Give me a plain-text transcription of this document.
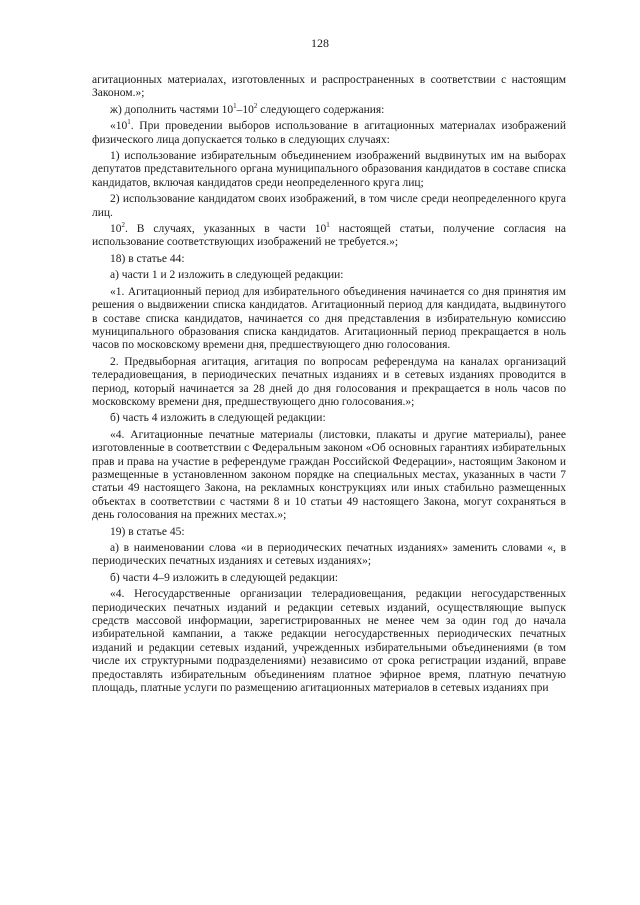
128

агитационных материалах, изготовленных и распространенных в соответствии с настоящим Законом.»;

ж) дополнить частями $10^1-10^2$ следующего содержания:

«$10^1$. При проведении выборов использование в агитационных материалах изображений физического лица допускается только в следующих случаях:

1) использование избирательным объединением изображений выдвинутых им на выборах депутатов представительного органа муниципального образования кандидатов в составе списка кандидатов, включая кандидатов среди неопределенного круга лиц;

2) использование кандидатом своих изображений, в том числе среди неопределенного круга лиц.

$10^2$. В случаях, указанных в части $10^1$ настоящей статьи, получение согласия на использование соответствующих изображений не требуется.»;

18) в статье 44:

а) части 1 и 2 изложить в следующей редакции:

«1. Агитационный период для избирательного объединения начинается со дня принятия им решения о выдвижении списка кандидатов. Агитационный период для кандидата, выдвинутого в составе списка кандидатов, начинается со дня представления в избирательную комиссию муниципального образования списка кандидатов. Агитационный период прекращается в ноль часов по московскому времени дня, предшествующего дню голосования.

2. Предвыборная агитация, агитация по вопросам референдума на каналах организаций телерадиовещания, в периодических печатных изданиях и в сетевых изданиях проводится в период, который начинается за 28 дней до дня голосования и прекращается в ноль часов по московскому времени дня, предшествующего дню голосования.»;

б) часть 4 изложить в следующей редакции:

«4. Агитационные печатные материалы (листовки, плакаты и другие материалы), ранее изготовленные в соответствии с Федеральным законом «Об основных гарантиях избирательных прав и права на участие в референдуме граждан Российской Федерации», настоящим Законом и размещенные в установленном законом порядке на специальных местах, указанных в части 7 статьи 49 настоящего Закона, на рекламных конструкциях или иных стабильно размещенных объектах в соответствии с частями 8 и 10 статьи 49 настоящего Закона, могут сохраняться в день голосования на прежних местах.»;

19) в статье 45:

а) в наименовании слова «и в периодических печатных изданиях» заменить словами «, в периодических печатных изданиях и сетевых изданиях»;

б) части 4–9 изложить в следующей редакции:

«4. Негосударственные организации телерадиовещания, редакции негосударственных периодических печатных изданий и редакции сетевых изданий, осуществляющие выпуск средств массовой информации, зарегистрированных не менее чем за один год до начала избирательной кампании, а также редакции негосударственных периодических печатных изданий и редакции сетевых изданий, учрежденных избирательными объединениями (в том числе их структурными подразделениями) независимо от срока регистрации изданий, вправе предоставлять избирательным объединениям платное эфирное время, платную печатную площадь, платные услуги по размещению агитационных материалов в сетевых изданиях при
